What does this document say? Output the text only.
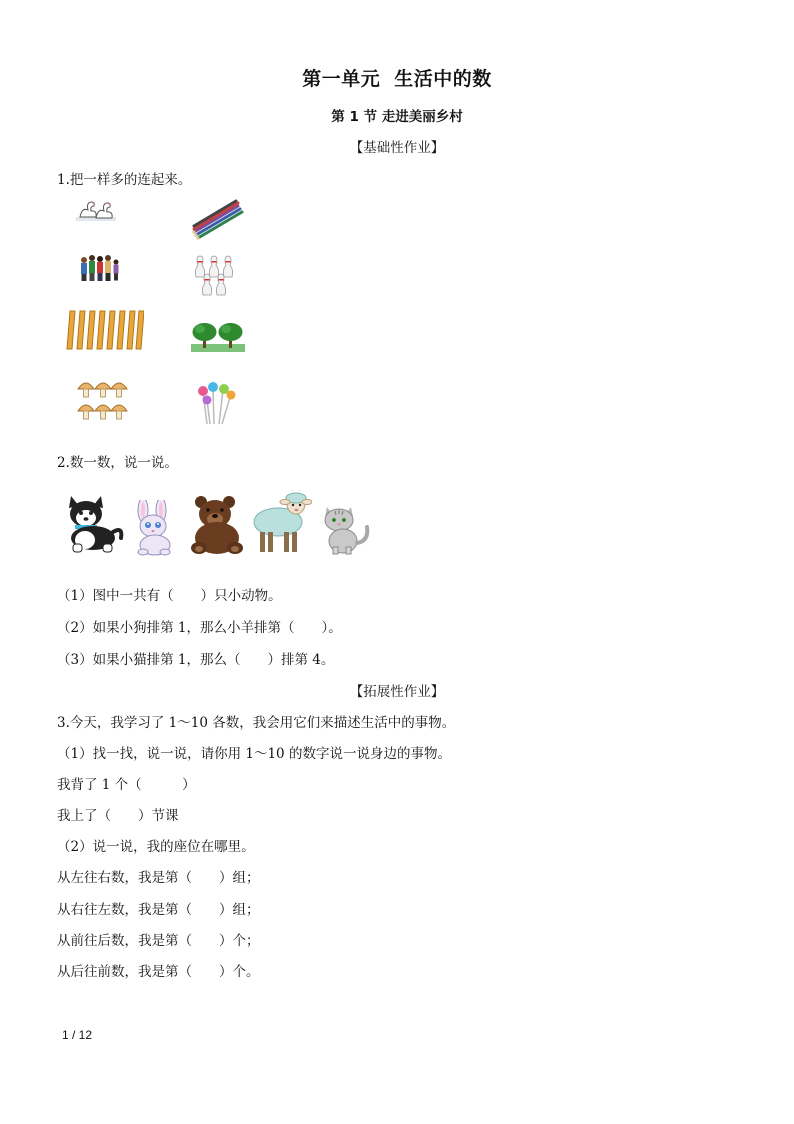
第一单元 生活中的数
第 1 节 走进美丽乡村
【基础性作业】
1.把一样多的连起来。
2.数一数，说一说。
（1）图中一共有（　　）只小动物。
（2）如果小狗排第 1，那么小羊排第（　　）。
（3）如果小猫排第 1，那么（　　）排第 4。
【拓展性作业】
3.今天，我学习了 1～10 各数，我会用它们来描述生活中的事物。
（1）找一找，说一说，请你用 1～10 的数字说一说身边的事物。
我背了 1 个（　　　）
我上了（　　）节课
（2）说一说，我的座位在哪里。
从左往右数，我是第（　　）组；
从右往左数，我是第（　　）组；
从前往后数，我是第（　　）个；
从后往前数，我是第（　　）个。
1 / 12
